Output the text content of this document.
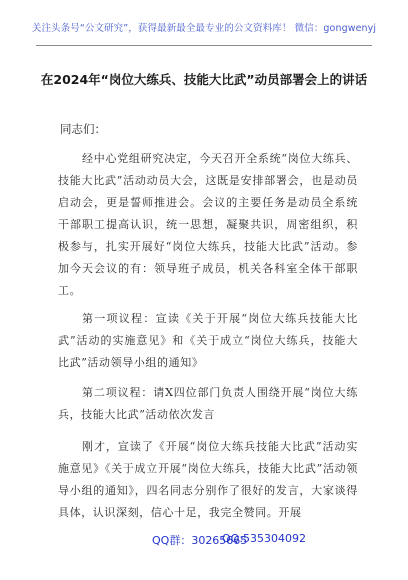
关注头条号“公文研究”，获得最新最全最专业的公文资料库！ 微信：gongwenyj
在2024年“岗位大练兵、技能大比武”动员部署会上的讲话
同志们：
经中心党组研究决定，今天召开全系统“岗位大练兵、技能大比武”活动动员大会，这既是安排部署会，也是动员启动会，更是誓师推进会。会议的主要任务是动员全系统干部职工提高认识，统一思想，凝聚共识，周密组织，积极参与，扎实开展好“岗位大练兵，技能大比武”活动。参加今天会议的有：领导班子成员，机关各科室全体干部职工。
第一项议程：宣读《关于开展“岗位大练兵技能大比武”活动的实施意见》和《关于成立“岗位大练兵，技能大比武”活动领导小组的通知》
第二项议程：请X四位部门负责人围绕开展“岗位大练兵，技能大比武”活动依次发言
刚才，宣读了《开展“岗位大练兵技能大比武”活动实施意见》《关于成立开展“岗位大练兵，技能大比武”活动领导小组的通知》，四名同志分别作了很好的发言，大家谈得具体，认识深刻，信心十足，我完全赞同。开展
QQ群：30265665
QQ:535304092
